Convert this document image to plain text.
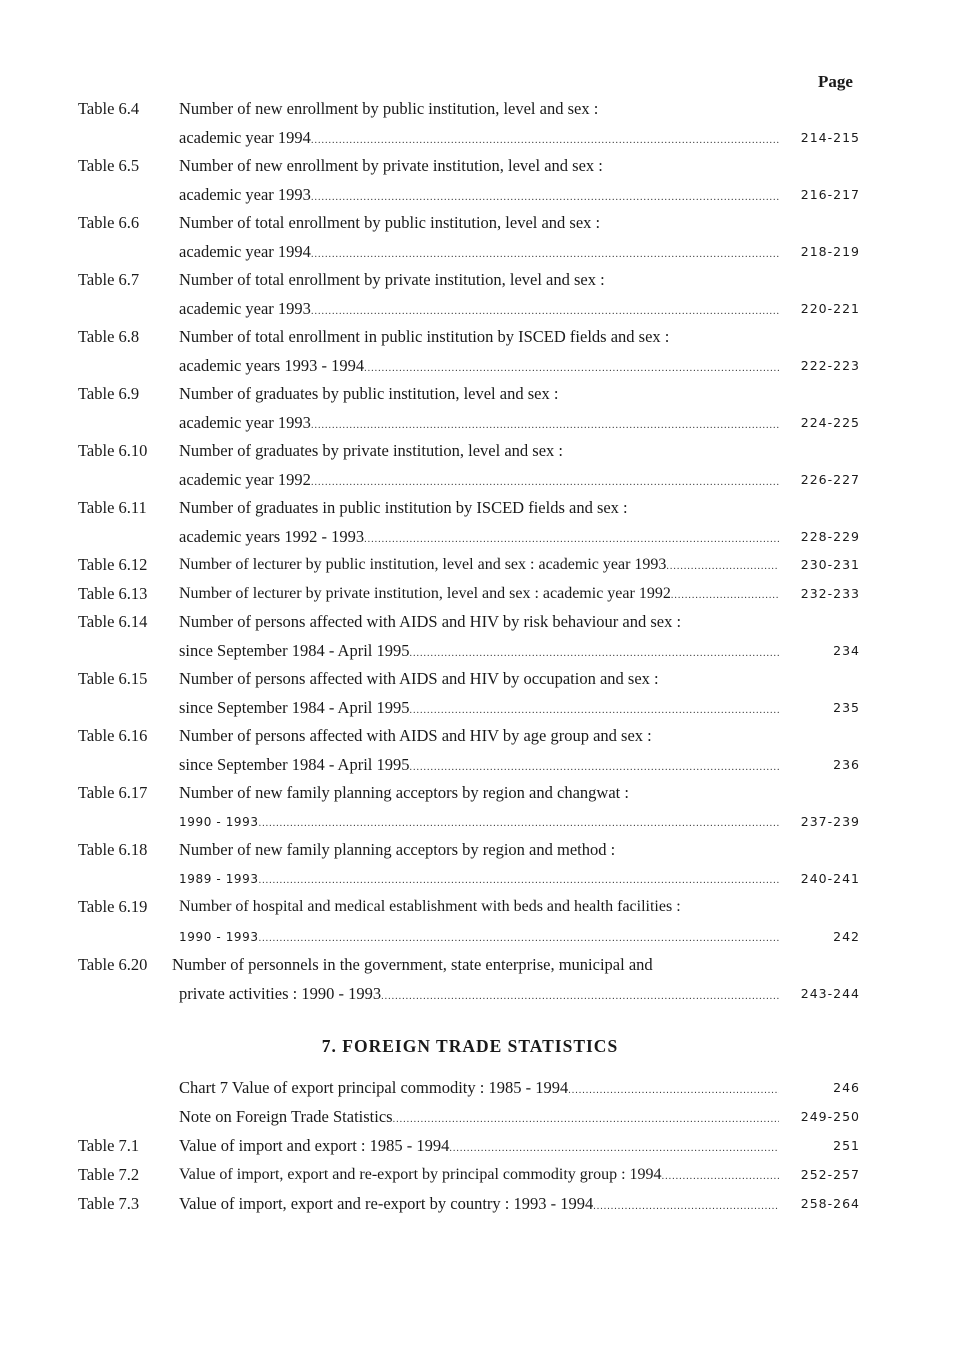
Page
Table 6.4 Number of new enrollment by public institution, level and sex :
academic year 1994 .....	214-215
Table 6.5 Number of new enrollment by private institution, level and sex :
academic year 1993 .....	216-217
Table 6.6 Number of total enrollment by public institution, level and sex :
academic year 1994 .....	218-219
Table 6.7 Number of total enrollment by private institution, level and sex :
academic year 1993 .....	220-221
Table 6.8 Number of total enrollment in public institution by ISCED fields and sex :
academic years 1993 - 1994 .....	222-223
Table 6.9 Number of graduates by public institution, level and sex :
academic year 1993 .....	224-225
Table 6.10 Number of graduates by private institution, level and sex :
academic year 1992 .....	226-227
Table 6.11 Number of graduates in public institution by ISCED fields and sex :
academic years 1992 - 1993 .....	228-229
Table 6.12 Number of lecturer by public institution, level and sex : academic year 1993 .....	230-231
Table 6.13 Number of lecturer by private institution, level and sex : academic year 1992 .....	232-233
Table 6.14 Number of persons affected with AIDS and HIV by risk behaviour and sex :
since September 1984 - April 1995 .....	234
Table 6.15 Number of persons affected with AIDS and HIV by occupation and sex :
since September 1984 - April 1995 .....	235
Table 6.16 Number of persons affected with AIDS and HIV by age group and sex :
since September 1984 - April 1995 .....	236
Table 6.17 Number of new family planning acceptors by region and changwat :
1990 - 1993 .....	237-239
Table 6.18 Number of new family planning acceptors by region and method :
1989 - 1993 .....	240-241
Table 6.19 Number of hospital and medical establishment with beds and health facilities :
1990 - 1993 .....	242
Table 6.20 Number of personnels in the government, state enterprise, municipal and
private activities : 1990 - 1993 .....	243-244
7. FOREIGN TRADE STATISTICS
Chart 7 Value of export principal commodity : 1985 - 1994 .....	246
Note on Foreign Trade Statistics .....	249-250
Table 7.1 Value of import and export : 1985 - 1994 .....	251
Table 7.2 Value of import, export and re-export by principal commodity group : 1994 .....	252-257
Table 7.3 Value of import, export and re-export by country : 1993 - 1994 .....	258-264
